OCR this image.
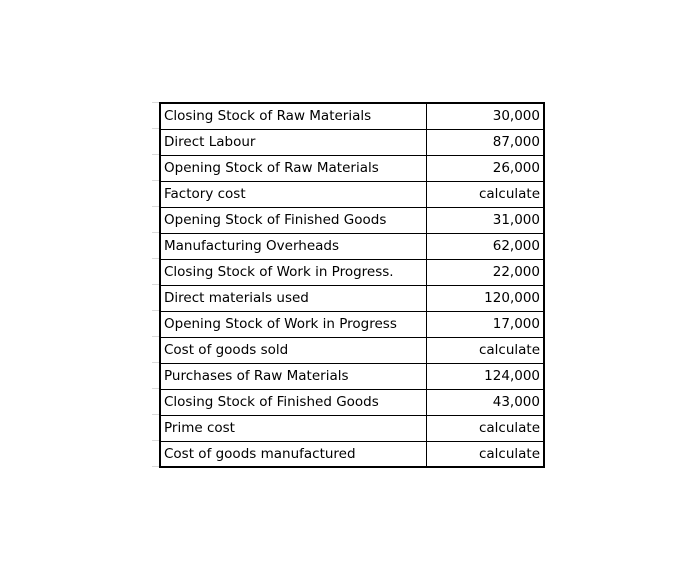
Closing Stock of Raw Materials	30,000
Direct Labour	87,000
Opening Stock of Raw Materials	26,000
Factory cost	calculate
Opening Stock of Finished Goods	31,000
Manufacturing Overheads	62,000
Closing Stock of Work in Progress.	22,000
Direct materials used	120,000
Opening Stock of Work in Progress	17,000
Cost of goods sold	calculate
Purchases of Raw Materials	124,000
Closing Stock of Finished Goods	43,000
Prime cost	calculate
Cost of goods manufactured	calculate
